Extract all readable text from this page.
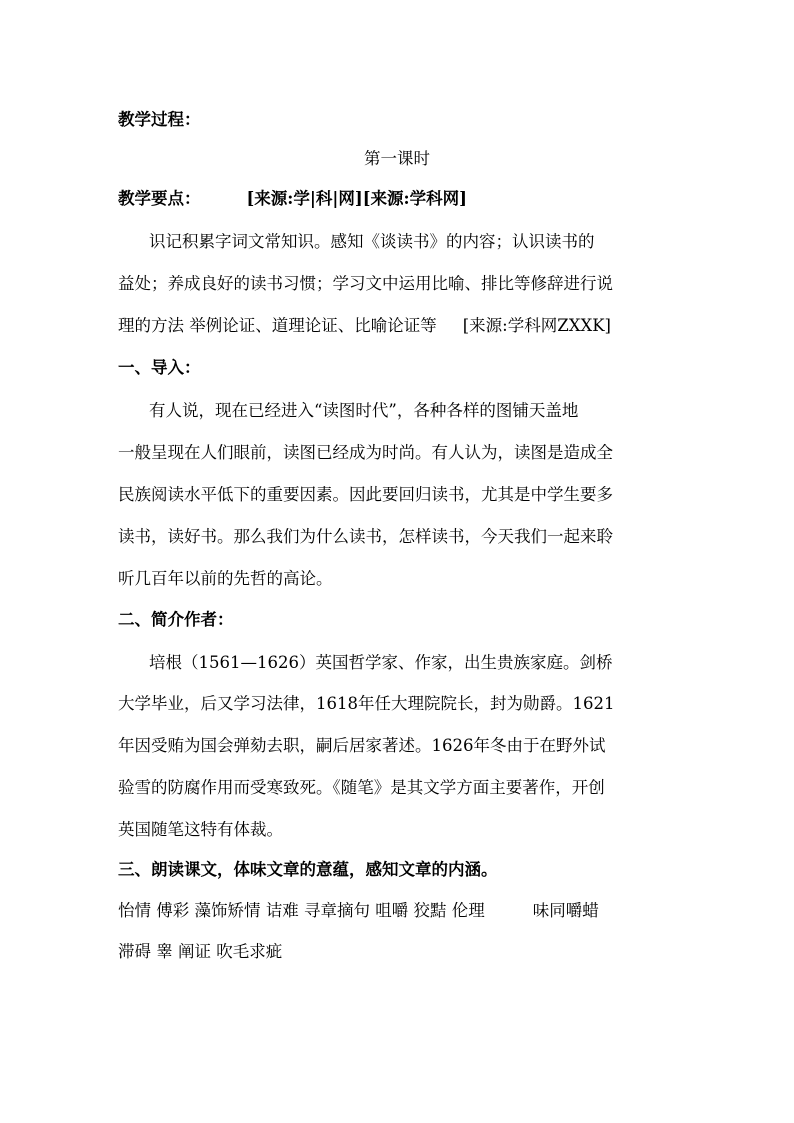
教学过程：
第一课时
教学要点：	[来源:学|科|网][来源:学科网]
识记积累字词文常知识。感知《谈读书》的内容；认识读书的
益处；养成良好的读书习惯；学习文中运用比喻、排比等修辞进行说
理的方法 举例论证、道理论证、比喻论证等 [来源:学科网ZXXK]
一、导入：
有人说，现在已经进入“读图时代”，各种各样的图铺天盖地
一般呈现在人们眼前，读图已经成为时尚。有人认为，读图是造成全
民族阅读水平低下的重要因素。因此要回归读书，尤其是中学生要多
读书，读好书。那么我们为什么读书，怎样读书，今天我们一起来聆
听几百年以前的先哲的高论。
二、简介作者：
培根（1561—1626）英国哲学家、作家，出生贵族家庭。剑桥
大学毕业，后又学习法律，1618年任大理院院长，封为勋爵。1621
年因受贿为国会弹劾去职，嗣后居家著述。1626年冬由于在野外试
验雪的防腐作用而受寒致死。《随笔》是其文学方面主要著作，开创
英国随笔这特有体裁。
三、朗读课文，体味文章的意蕴，感知文章的内涵。
怡情 傅彩 藻饰矫情 诘难 寻章摘句 咀嚼 狡黠 伦理	味同嚼蜡
滞碍 睾 阐证 吹毛求疵
